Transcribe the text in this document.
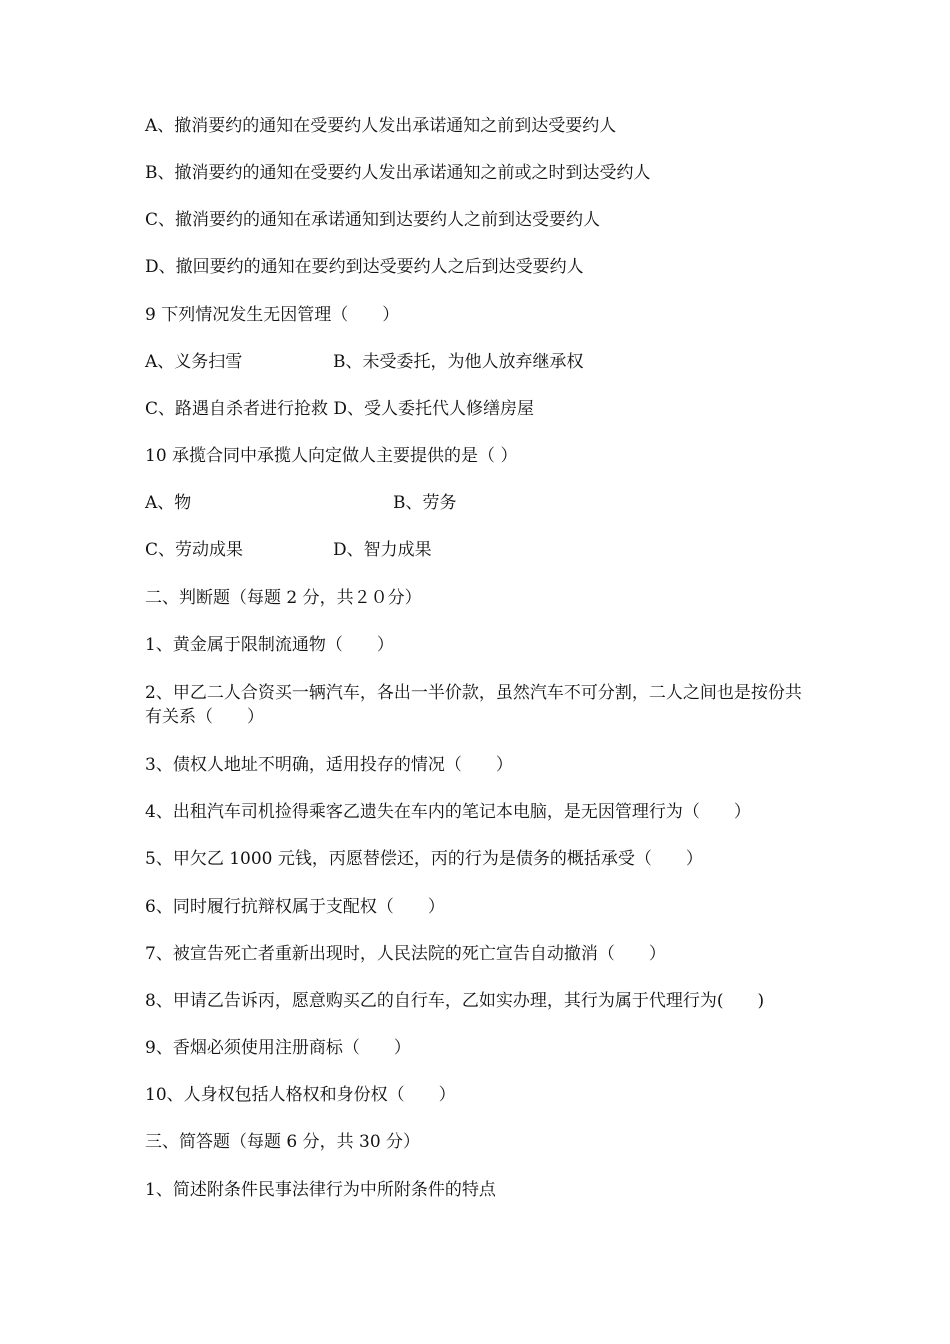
A、撤消要约的通知在受要约人发出承诺通知之前到达受要约人
B、撤消要约的通知在受要约人发出承诺通知之前或之时到达受约人
C、撤消要约的通知在承诺通知到达要约人之前到达受要约人
D、撤回要约的通知在要约到达受要约人之后到达受要约人
9 下列情况发生无因管理（　　）
A、义务扫雪	B、未受委托，为他人放弃继承权
C、路遇自杀者进行抢救 D、受人委托代人修缮房屋
10 承揽合同中承揽人向定做人主要提供的是（ ）
A、物	B、劳务
C、劳动成果	D、智力成果
二、判断题（每题 2 分，共２０分）
1、黄金属于限制流通物（　　）
2、甲乙二人合资买一辆汽车，各出一半价款，虽然汽车不可分割，二人之间也是按份共有关系（　　）
3、债权人地址不明确，适用投存的情况（　　）
4、出租汽车司机捡得乘客乙遗失在车内的笔记本电脑，是无因管理行为（　　）
5、甲欠乙 1000 元钱，丙愿替偿还，丙的行为是债务的概括承受（　　）
6、同时履行抗辩权属于支配权（　　）
7、被宣告死亡者重新出现时，人民法院的死亡宣告自动撤消（　　）
8、甲请乙告诉丙，愿意购买乙的自行车，乙如实办理，其行为属于代理行为(　　)
9、香烟必须使用注册商标（　　）
10、人身权包括人格权和身份权（　　）
三、简答题（每题 6 分，共 30 分）
1、简述附条件民事法律行为中所附条件的特点
